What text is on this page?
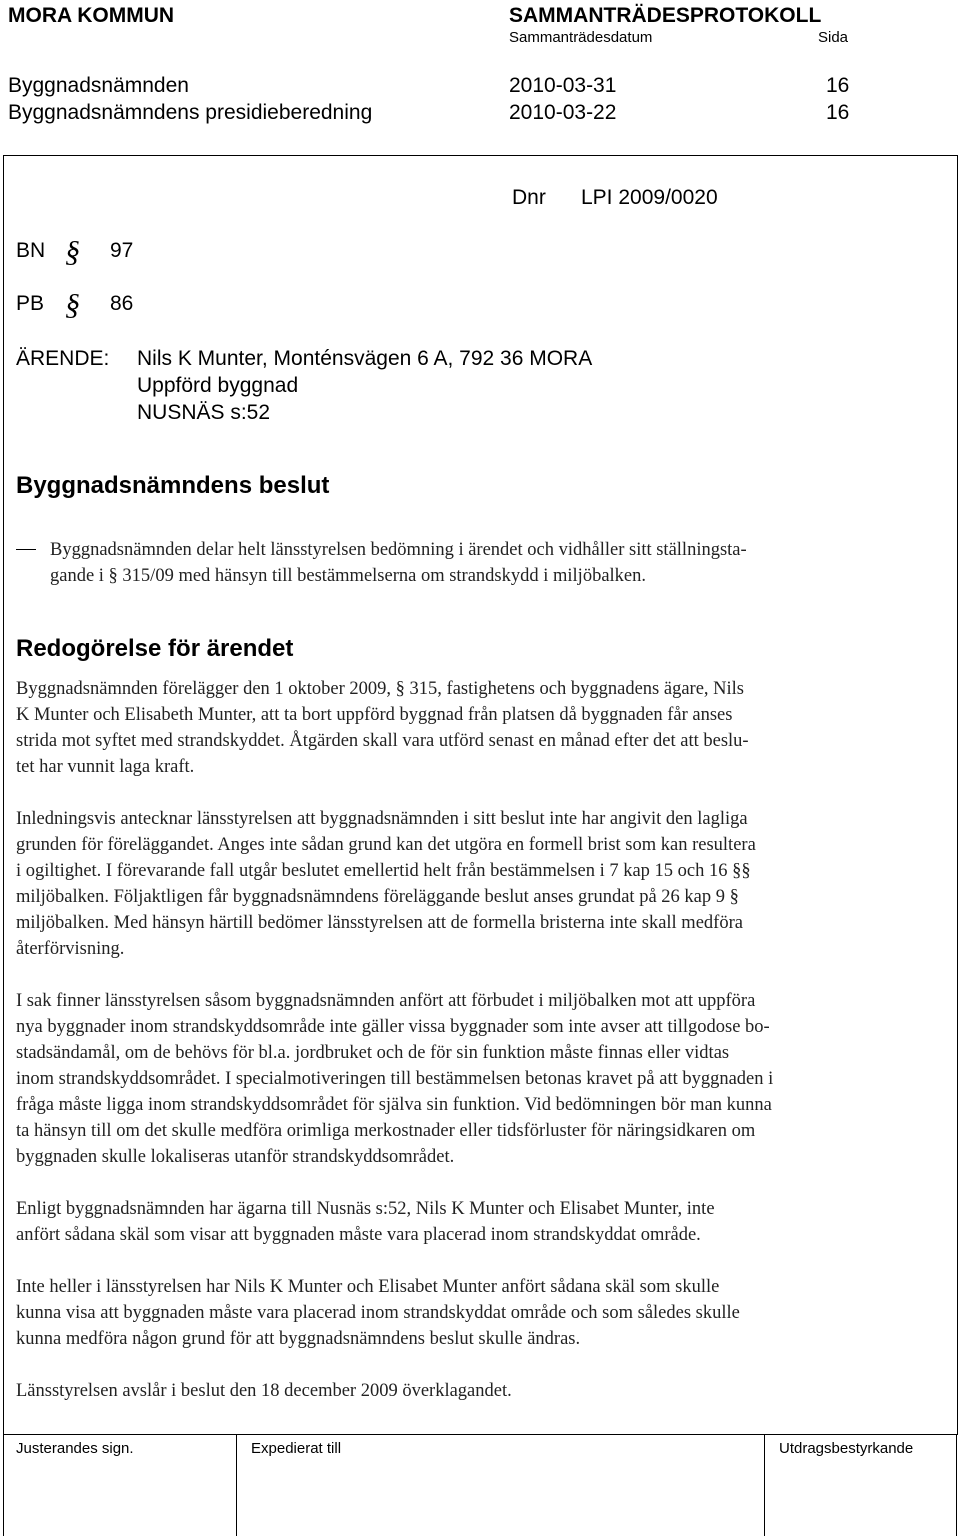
MORA KOMMUN	SAMMANTRÄDESPROTOKOLL
Sammanträdesdatum	Sida
Byggnadsnämnden	2010-03-31	16
Byggnadsnämndens presidieberedning	2010-03-22	16
Dnr LPI 2009/0020
BN § 97
PB § 86
ÄRENDE: Nils K Munter, Monténsvägen 6 A, 792 36 MORA
Uppförd byggnad
NUSNÄS s:52
Byggnadsnämndens beslut
Byggnadsnämnden delar helt länsstyrelsen bedömning i ärendet och vidhåller sitt ställningsta-
gande i § 315/09 med hänsyn till bestämmelserna om strandskydd i miljöbalken.
Redogörelse för ärendet
Byggnadsnämnden förelägger den 1 oktober 2009, § 315, fastighetens och byggnadens ägare, Nils
K Munter och Elisabeth Munter, att ta bort uppförd byggnad från platsen då byggnaden får anses
strida mot syftet med strandskyddet. Åtgärden skall vara utförd senast en månad efter det att beslu-
tet har vunnit laga kraft.
Inledningsvis antecknar länsstyrelsen att byggnadsnämnden i sitt beslut inte har angivit den lagliga
grunden för föreläggandet. Anges inte sådan grund kan det utgöra en formell brist som kan resultera
i ogiltighet. I förevarande fall utgår beslutet emellertid helt från bestämmelsen i 7 kap 15 och 16 §§
miljöbalken. Följaktligen får byggnadsnämndens föreläggande beslut anses grundat på 26 kap 9 §
miljöbalken. Med hänsyn härtill bedömer länsstyrelsen att de formella bristerna inte skall medföra
återförvisning.
I sak finner länsstyrelsen såsom byggnadsnämnden anfört att förbudet i miljöbalken mot att uppföra
nya byggnader inom strandskyddsområde inte gäller vissa byggnader som inte avser att tillgodose bo-
stadsändamål, om de behövs för bl.a. jordbruket och de för sin funktion måste finnas eller vidtas
inom strandskyddsområdet. I specialmotiveringen till bestämmelsen betonas kravet på att byggnaden i
fråga måste ligga inom strandskyddsområdet för själva sin funktion. Vid bedömningen bör man kunna
ta hänsyn till om det skulle medföra orimliga merkostnader eller tidsförluster för näringsidkaren om
byggnaden skulle lokaliseras utanför strandskyddsområdet.
Enligt byggnadsnämnden har ägarna till Nusnäs s:52, Nils K Munter och Elisabet Munter, inte
anfört sådana skäl som visar att byggnaden måste vara placerad inom strandskyddat område.
Inte heller i länsstyrelsen har Nils K Munter och Elisabet Munter anfört sådana skäl som skulle
kunna visa att byggnaden måste vara placerad inom strandskyddat område och som således skulle
kunna medföra någon grund för att byggnadsnämndens beslut skulle ändras.
Länsstyrelsen avslår i beslut den 18 december 2009 överklagandet.
Justerandes sign.	Expedierat till	Utdragsbestyrkande
